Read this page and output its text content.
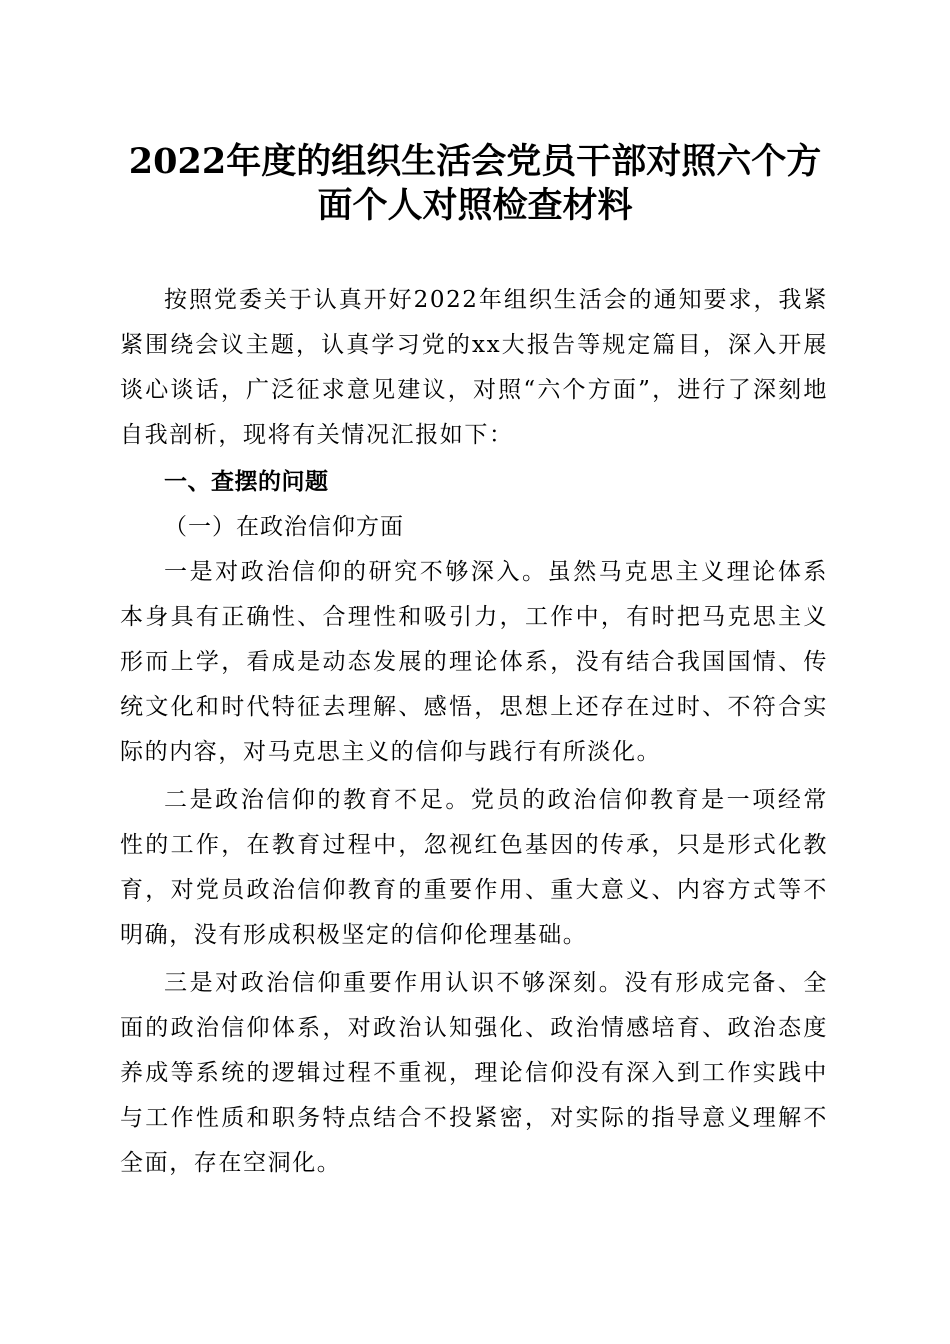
2022年度的组织生活会党员干部对照六个方
面个人对照检查材料

按照党委关于认真开好2022年组织生活会的通知要求，我紧紧围绕会议主题，认真学习党的xx大报告等规定篇目，深入开展谈心谈话，广泛征求意见建议，对照“六个方面”，进行了深刻地自我剖析，现将有关情况汇报如下：

一、查摆的问题

（一）在政治信仰方面

一是对政治信仰的研究不够深入。虽然马克思主义理论体系本身具有正确性、合理性和吸引力，工作中，有时把马克思主义形而上学，看成是动态发展的理论体系，没有结合我国国情、传统文化和时代特征去理解、感悟，思想上还存在过时、不符合实际的内容，对马克思主义的信仰与践行有所淡化。

二是政治信仰的教育不足。党员的政治信仰教育是一项经常性的工作，在教育过程中，忽视红色基因的传承，只是形式化教育，对党员政治信仰教育的重要作用、重大意义、内容方式等不明确，没有形成积极坚定的信仰伦理基础。

三是对政治信仰重要作用认识不够深刻。没有形成完备、全面的政治信仰体系，对政治认知强化、政治情感培育、政治态度养成等系统的逻辑过程不重视，理论信仰没有深入到工作实践中与工作性质和职务特点结合不投紧密，对实际的指导意义理解不全面，存在空洞化。
